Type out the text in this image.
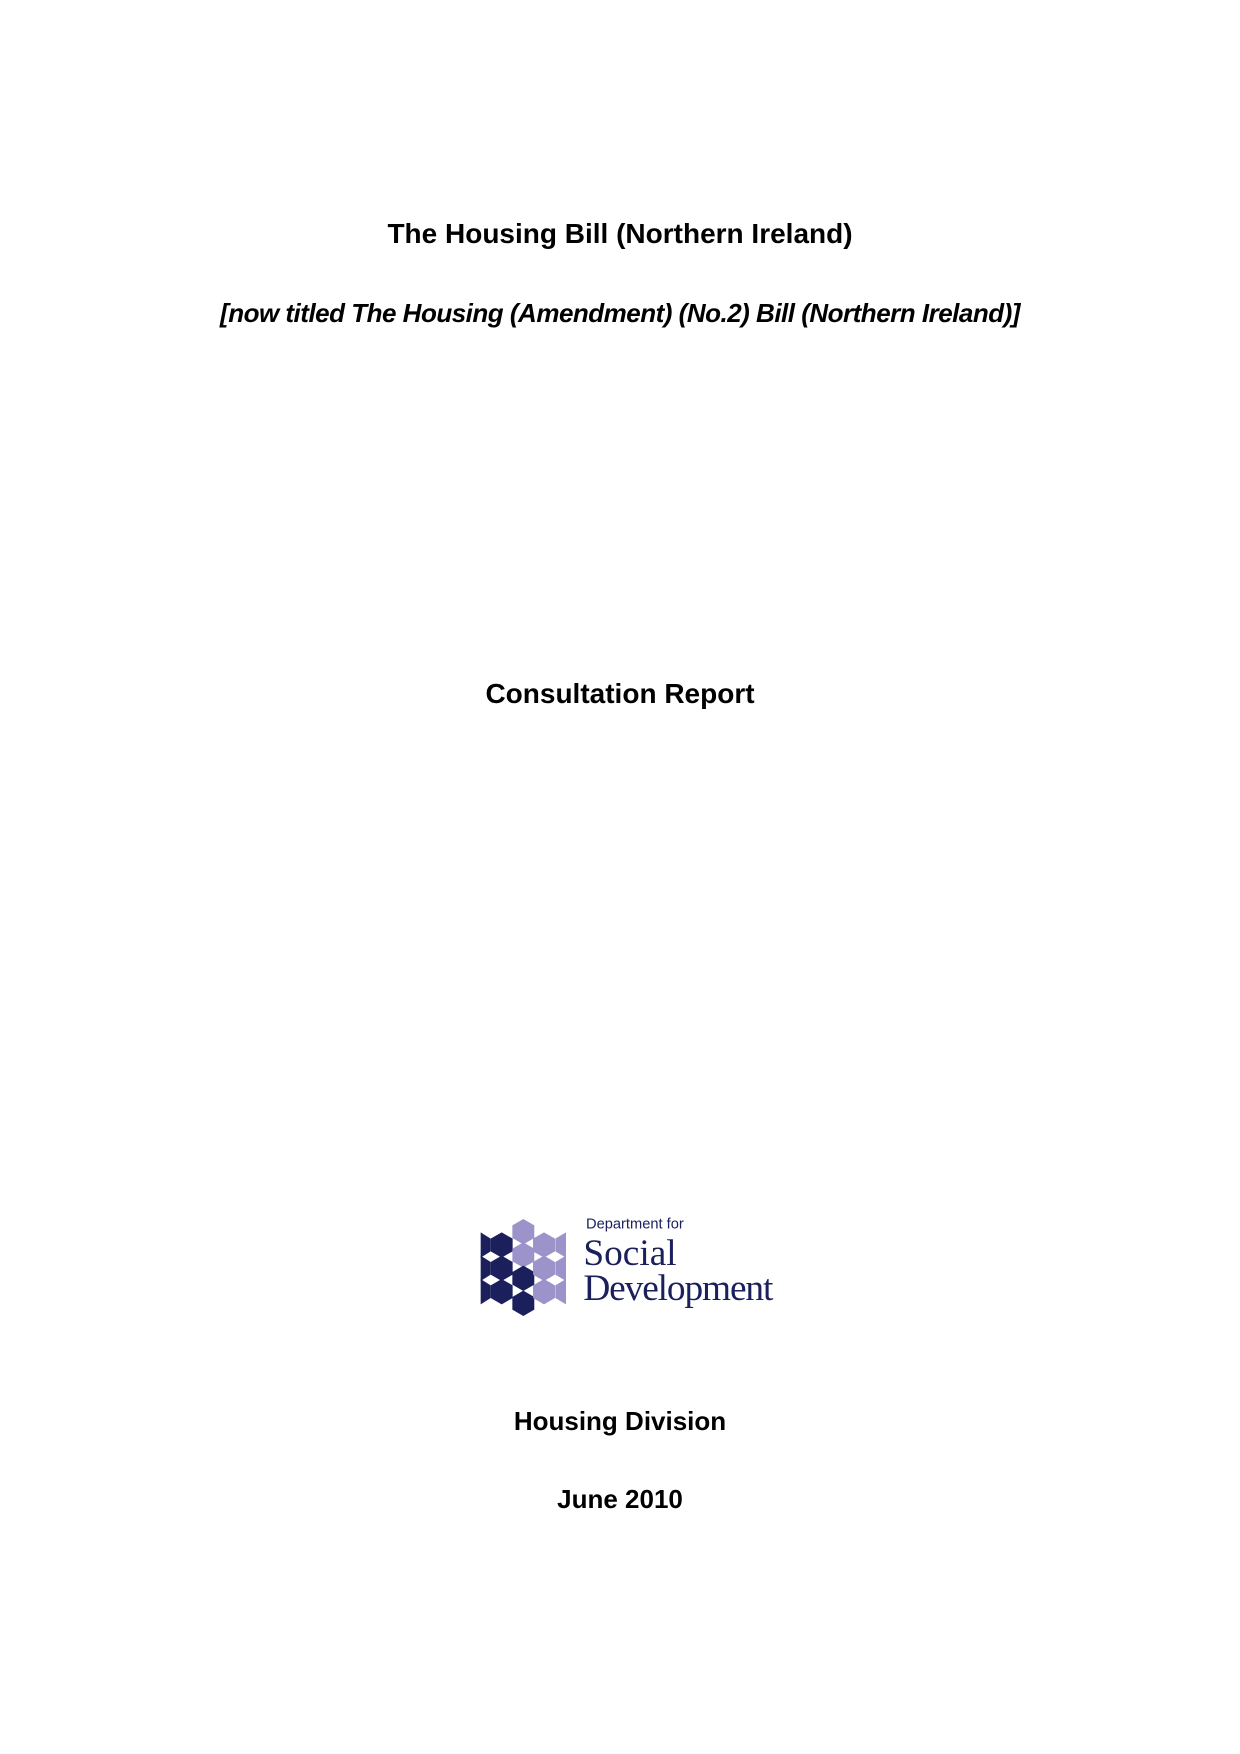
The Housing Bill (Northern Ireland)
[now titled The Housing (Amendment) (No.2) Bill (Northern Ireland)]
Consultation Report
Department for
Social
Development
Housing Division
June 2010
